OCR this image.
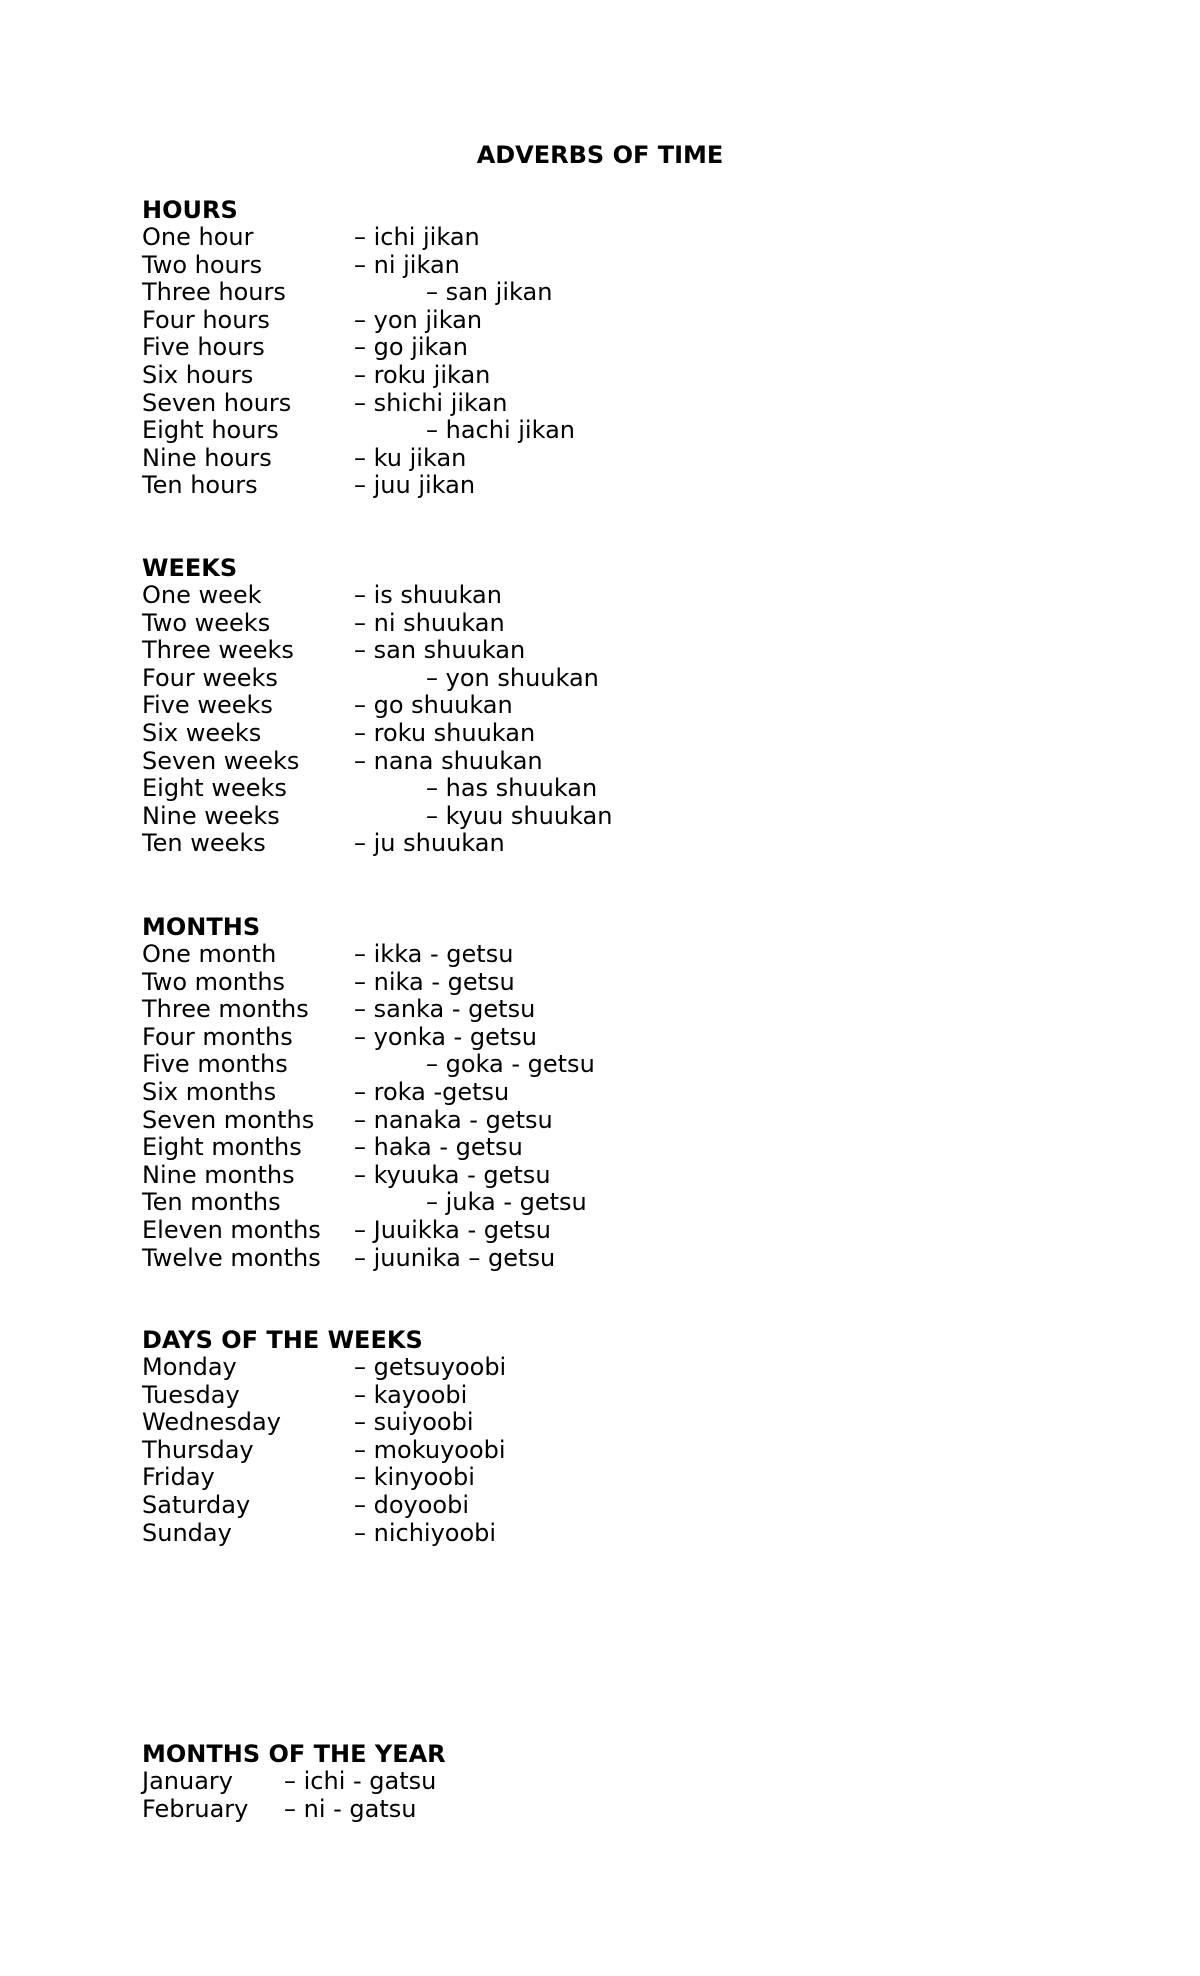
ADVERBS OF TIME
HOURS
One hour	– ichi jikan
Two hours	– ni jikan
Three hours	– san jikan
Four hours	– yon jikan
Five hours	– go jikan
Six hours	– roku jikan
Seven hours	– shichi jikan
Eight hours	– hachi jikan
Nine hours	– ku jikan
Ten hours	– juu jikan
WEEKS
One week	– is shuukan
Two weeks	– ni shuukan
Three weeks	– san shuukan
Four weeks	– yon shuukan
Five weeks	– go shuukan
Six weeks	– roku shuukan
Seven weeks – nana shuukan
Eight weeks	– has shuukan
Nine weeks	– kyuu shuukan
Ten weeks	– ju shuukan
MONTHS
One month	– ikka - getsu
Two months	– nika - getsu
Three months – sanka - getsu
Four months	– yonka - getsu
Five months	– goka - getsu
Six months	– roka -getsu
Seven months – nanaka - getsu
Eight months – haka - getsu
Nine months – kyuuka - getsu
Ten months	– juka - getsu
Eleven months – Juuikka - getsu
Twelve months – juunika – getsu
DAYS OF THE WEEKS
Monday	– getsuyoobi
Tuesday	– kayoobi
Wednesday	– suiyoobi
Thursday	– mokuyoobi
Friday	– kinyoobi
Saturday	– doyoobi
Sunday	– nichiyoobi
MONTHS OF THE YEAR
January – ichi - gatsu
February – ni - gatsu
